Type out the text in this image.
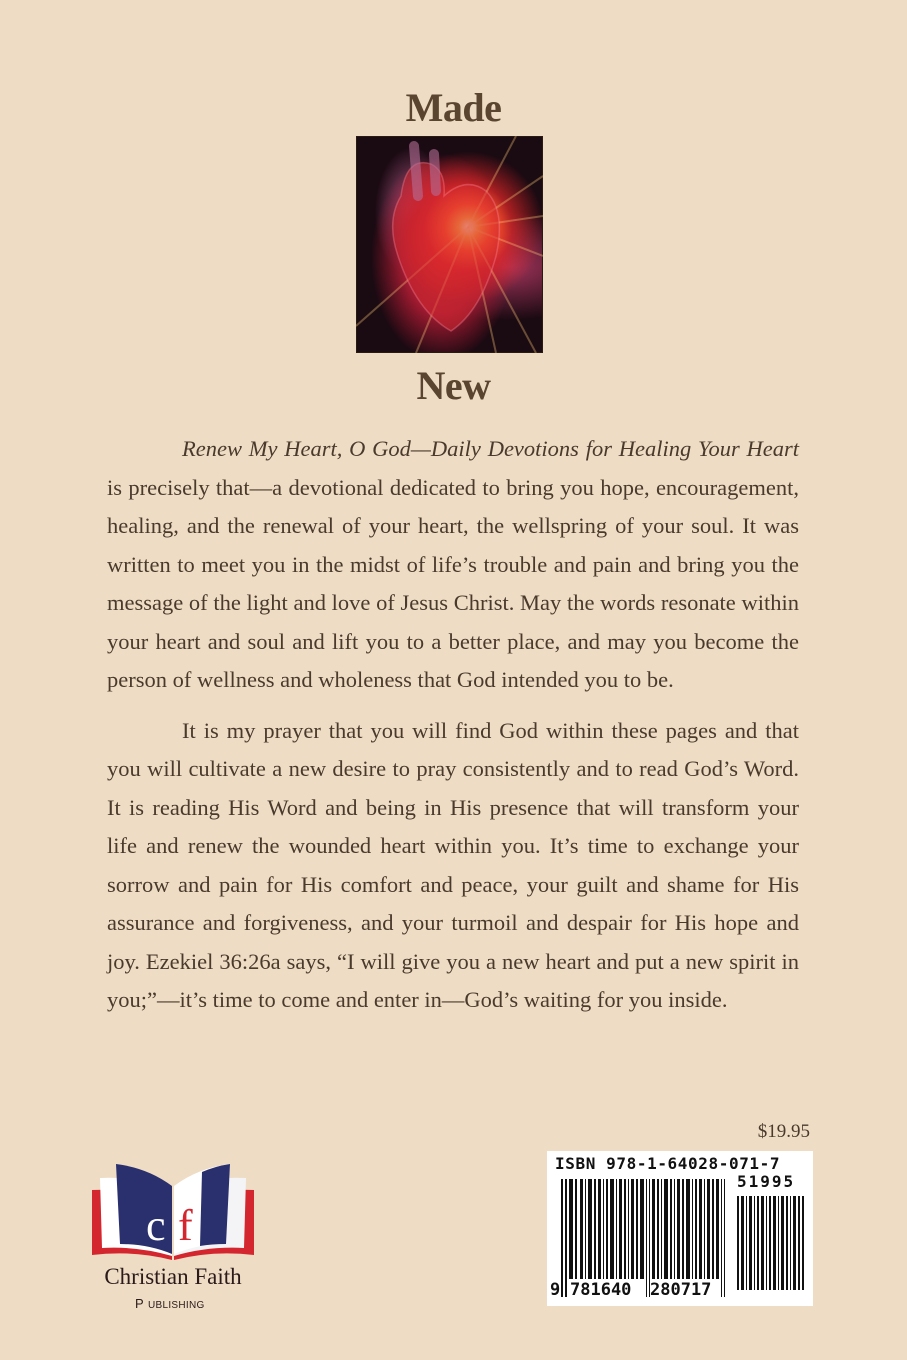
Made
New

Renew My Heart, O God—Daily Devotions for Healing Your Heart is precisely that—a devotional dedicated to bring you hope, encouragement, healing, and the renewal of your heart, the wellspring of your soul. It was written to meet you in the midst of life’s trouble and pain and bring you the message of the light and love of Jesus Christ. May the words resonate within your heart and soul and lift you to a better place, and may you become the person of wellness and wholeness that God intended you to be.

It is my prayer that you will find God within these pages and that you will cultivate a new desire to pray consistently and to read God’s Word. It is reading His Word and being in His presence that will transform your life and renew the wounded heart within you. It’s time to exchange your sorrow and pain for His comfort and peace, your guilt and shame for His assurance and forgiveness, and your turmoil and despair for His hope and joy. Ezekiel 36:26a says, “I will give you a new heart and put a new spirit in you;”—it’s time to come and enter in—God’s waiting for you inside.

$19.95
ISBN 978-1-64028-071-7
51995
9 781640 280717
c f
Christian Faith
P UBLISHING
